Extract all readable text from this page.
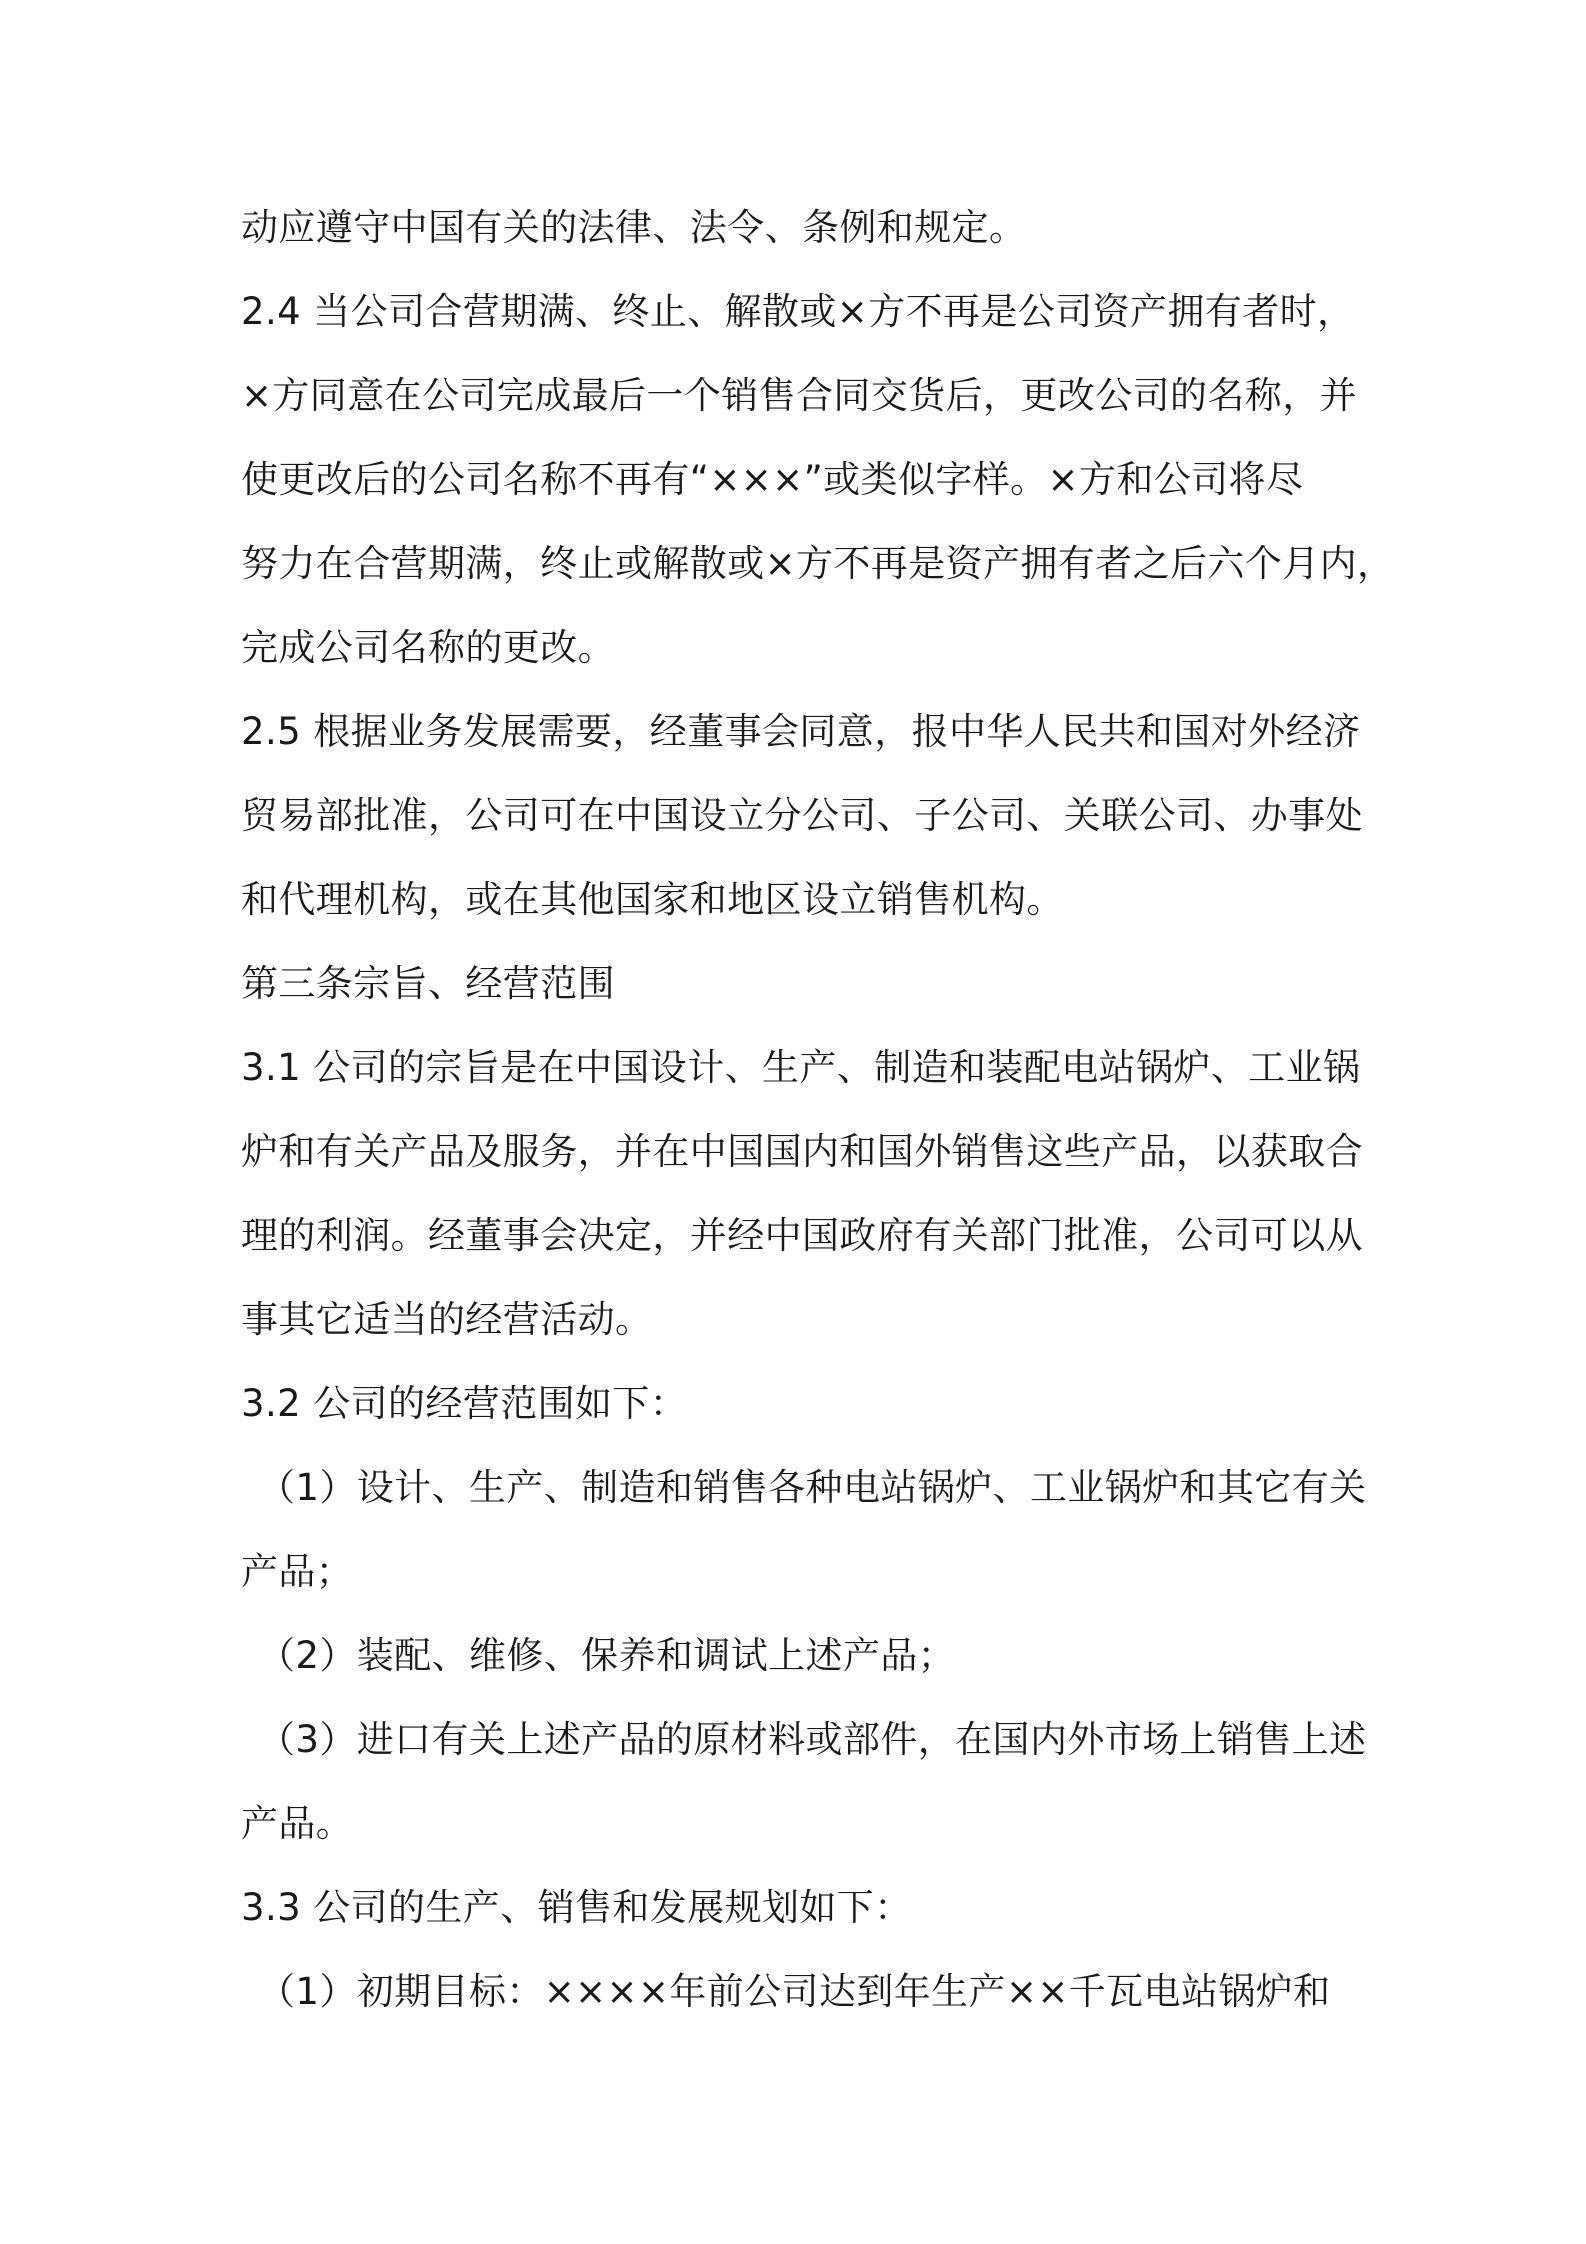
动应遵守中国有关的法律、法令、条例和规定。
2.4 当公司合营期满、终止、解散或×方不再是公司资产拥有者时，
×方同意在公司完成最后一个销售合同交货后，更改公司的名称，并
使更改后的公司名称不再有“×××”或类似字样。×方和公司将尽
努力在合营期满，终止或解散或×方不再是资产拥有者之后六个月内，
完成公司名称的更改。
2.5 根据业务发展需要，经董事会同意，报中华人民共和国对外经济
贸易部批准，公司可在中国设立分公司、子公司、关联公司、办事处
和代理机构，或在其他国家和地区设立销售机构。
第三条宗旨、经营范围
3.1 公司的宗旨是在中国设计、生产、制造和装配电站锅炉、工业锅
炉和有关产品及服务，并在中国国内和国外销售这些产品，以获取合
理的利润。经董事会决定，并经中国政府有关部门批准，公司可以从
事其它适当的经营活动。
3.2 公司的经营范围如下：
（1）设计、生产、制造和销售各种电站锅炉、工业锅炉和其它有关
产品；
（2）装配、维修、保养和调试上述产品；
（3）进口有关上述产品的原材料或部件，在国内外市场上销售上述
产品。
3.3 公司的生产、销售和发展规划如下：
（1）初期目标：××××年前公司达到年生产××千瓦电站锅炉和
